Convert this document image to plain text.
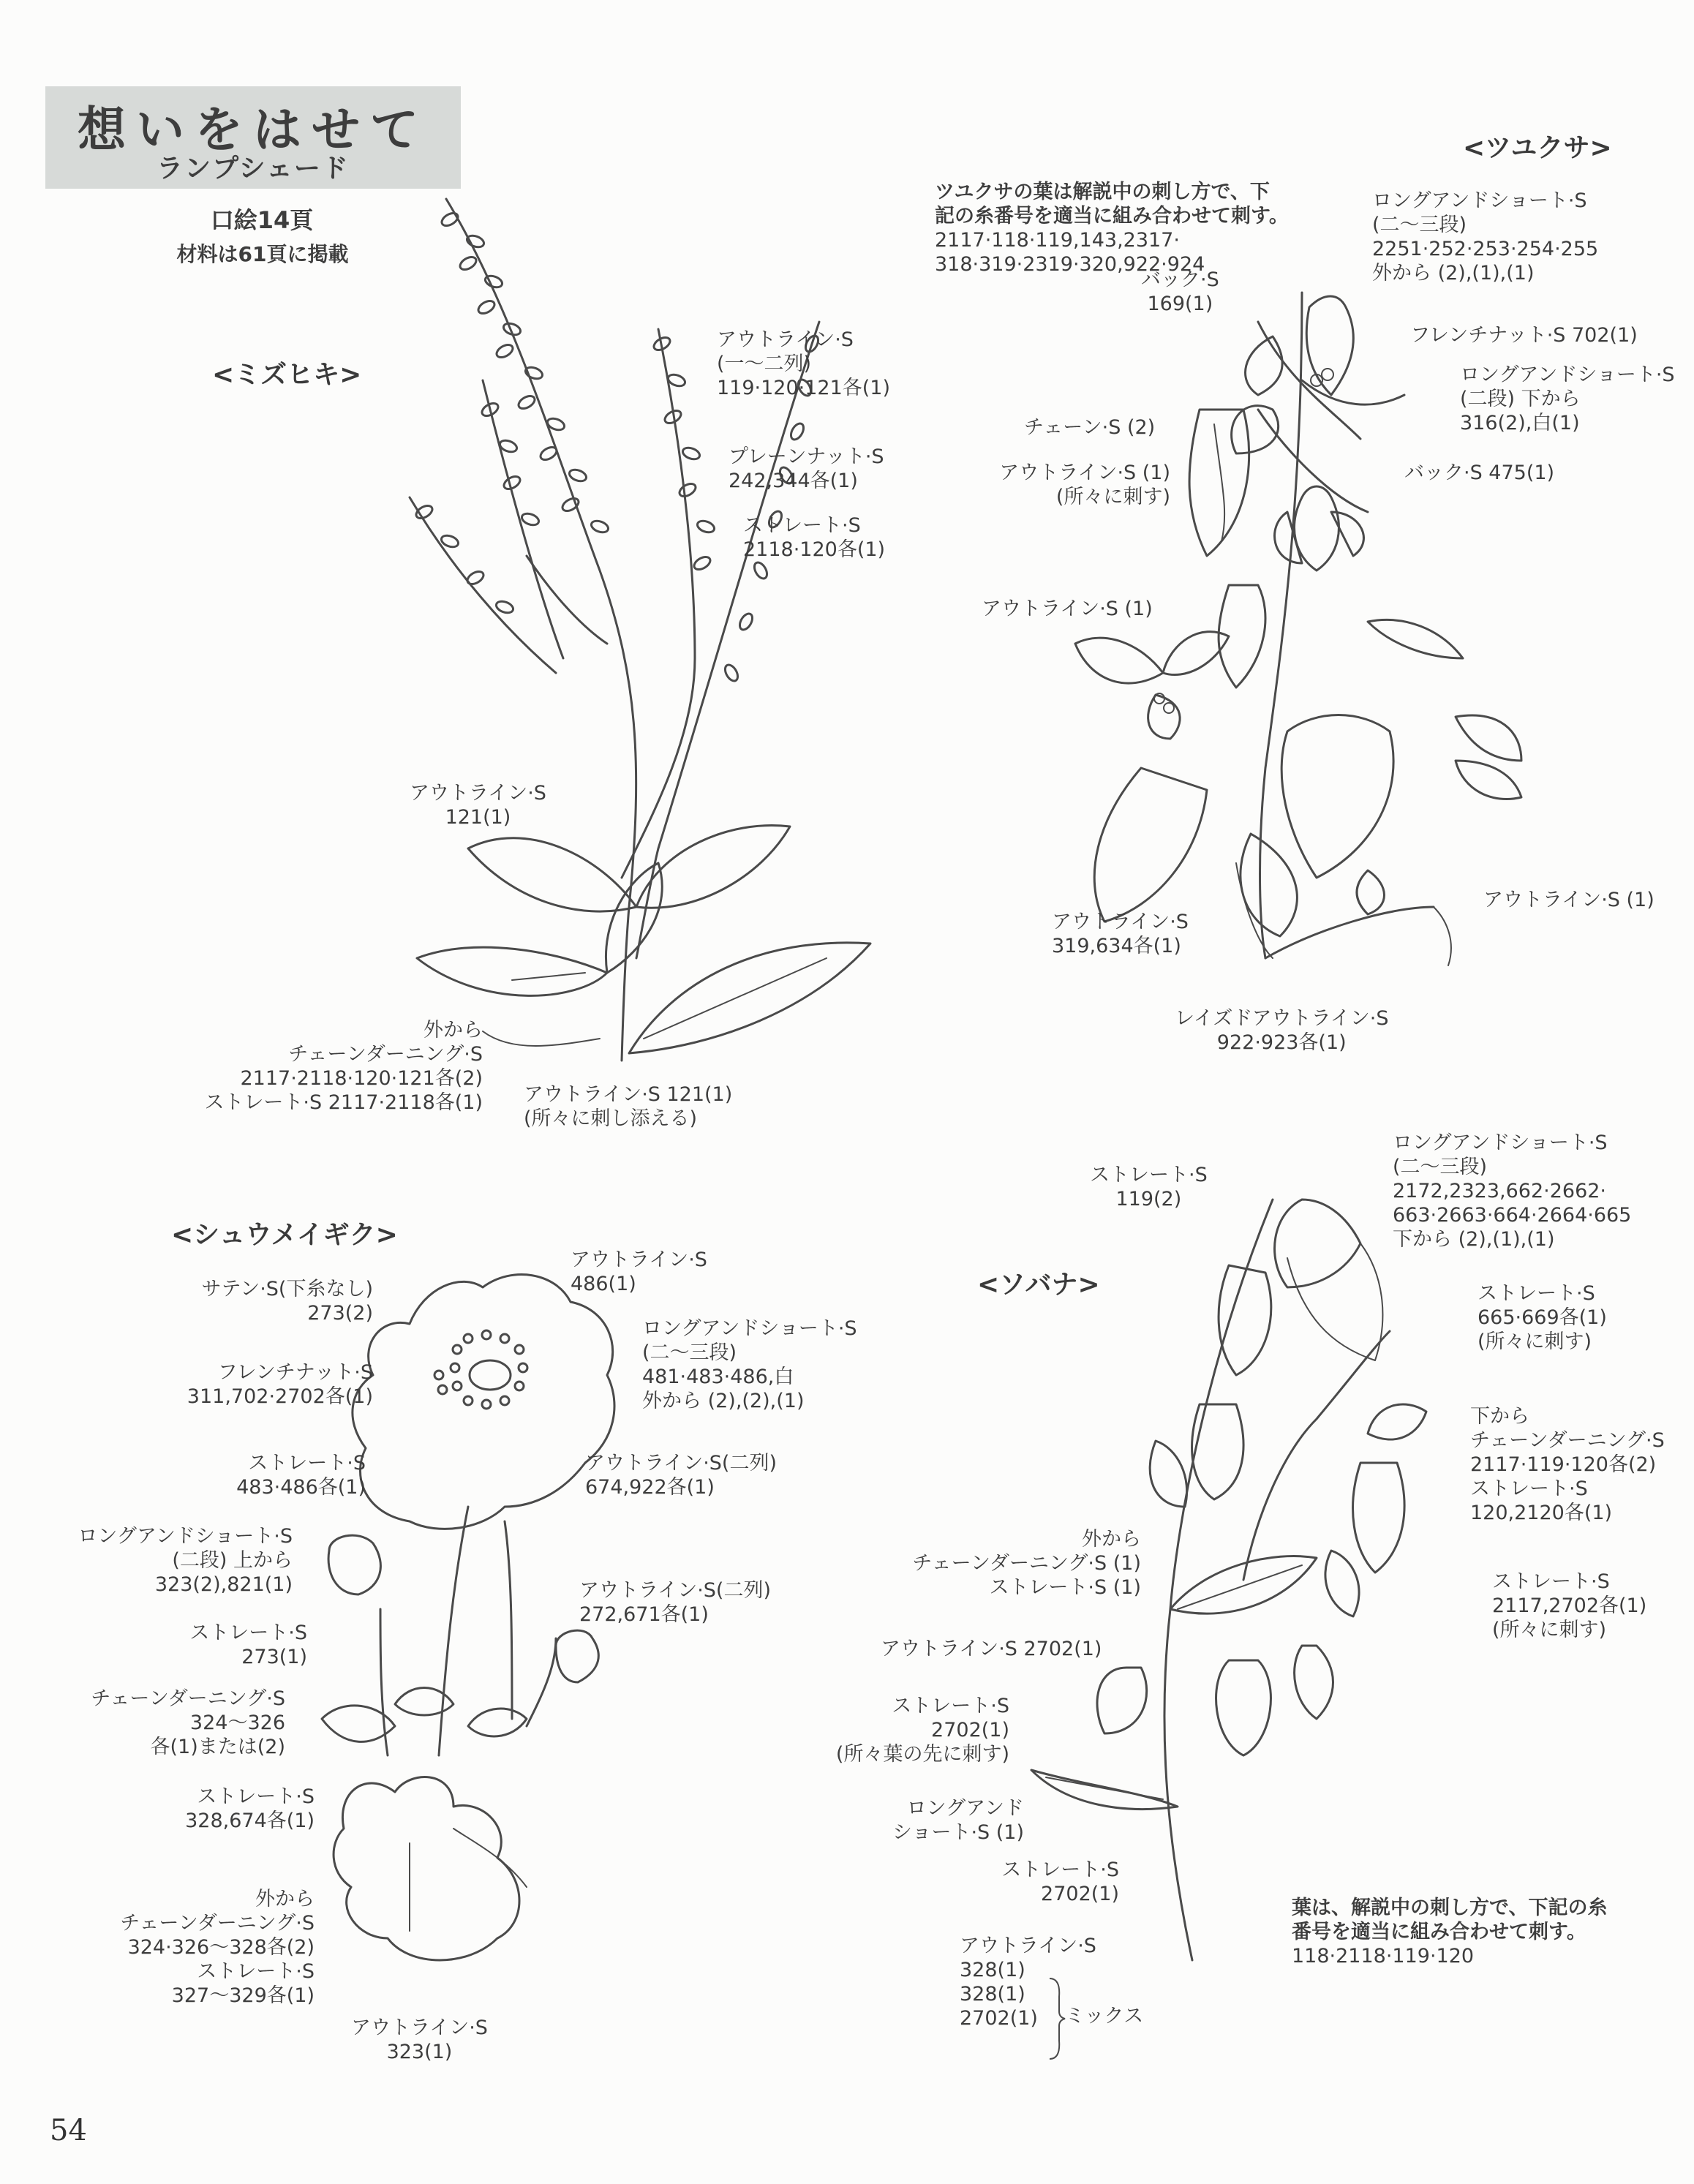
想いをはせて
ランプシェード
口絵14頁
材料は61頁に掲載
<ミズヒキ>
アウトライン·S
(一〜二列)
119·120·121各(1)
プレーンナット·S
242,344各(1)
ストレート·S
2118·120各(1)
アウトライン·S
121(1)
外から
チェーンダーニング·S
2117·2118·120·121各(2)
ストレート·S 2117·2118各(1) アウトライン·S 121(1)
(所々に刺し添える)
<ツユクサ>

ツユクサの葉は解説中の刺し方で、下
記の糸番号を適当に組み合わせて刺す。
2117·118·119,143,2317·
318·319·2319·320,922·924

ロングアンドショート·S
(二〜三段)
2251·252·253·254·255
外から (2),(1),(1)
バック·S
169(1)
フレンチナット·S 702(1)
ロングアンドショート·S
(二段) 下から
316(2),白(1)
チェーン·S (2)
アウトライン·S (1)
(所々に刺す)
バック·S 475(1)
アウトライン·S (1)
アウトライン·S
319,634各(1)
アウトライン·S (1)
レイズドアウトライン·S
922·923各(1)
<シュウメイギク>
アウトライン·S
486(1)
サテン·S(下糸なし)
273(2)
ロングアンドショート·S
(二〜三段)
481·483·486,白
外から (2),(2),(1)
フレンチナット·S
311,702·2702各(1)
ストレート·S
483·486各(1)
アウトライン·S(二列)
674,922各(1)
ロングアンドショート·S
(二段) 上から
323(2),821(1)	アウトライン·S(二列)
272,671各(1)
ストレート·S
273(1)
チェーンダーニング·S
324〜326
各(1)または(2)
ストレート·S
328,674各(1)
外から
チェーンダーニング·S
324·326〜328各(2)
ストレート·S
327〜329各(1)
アウトライン·S
323(1)
<ソバナ>
ストレート·S
119(2)
ロングアンドショート·S
(二〜三段)
2172,2323,662·2662·
663·2663·664·2664·665
下から (2),(1),(1)
ストレート·S
665·669各(1)
(所々に刺す)
下から
チェーンダーニング·S
2117·119·120各(2)
ストレート·S
120,2120各(1)
外から
チェーンダーニング·S (1)
ストレート·S (1)	ストレート·S
2117,2702各(1)
(所々に刺す)
アウトライン·S 2702(1)
ストレート·S
2702(1)
(所々葉の先に刺す)
ロングアンド
ショート·S (1)
ストレート·S
2702(1)

葉は、解説中の刺し方で、下記の糸
番号を適当に組み合わせて刺す。
118·2118·119·120

アウトライン·S
328(1)
328(1)
2702(1)	ミックス
54
